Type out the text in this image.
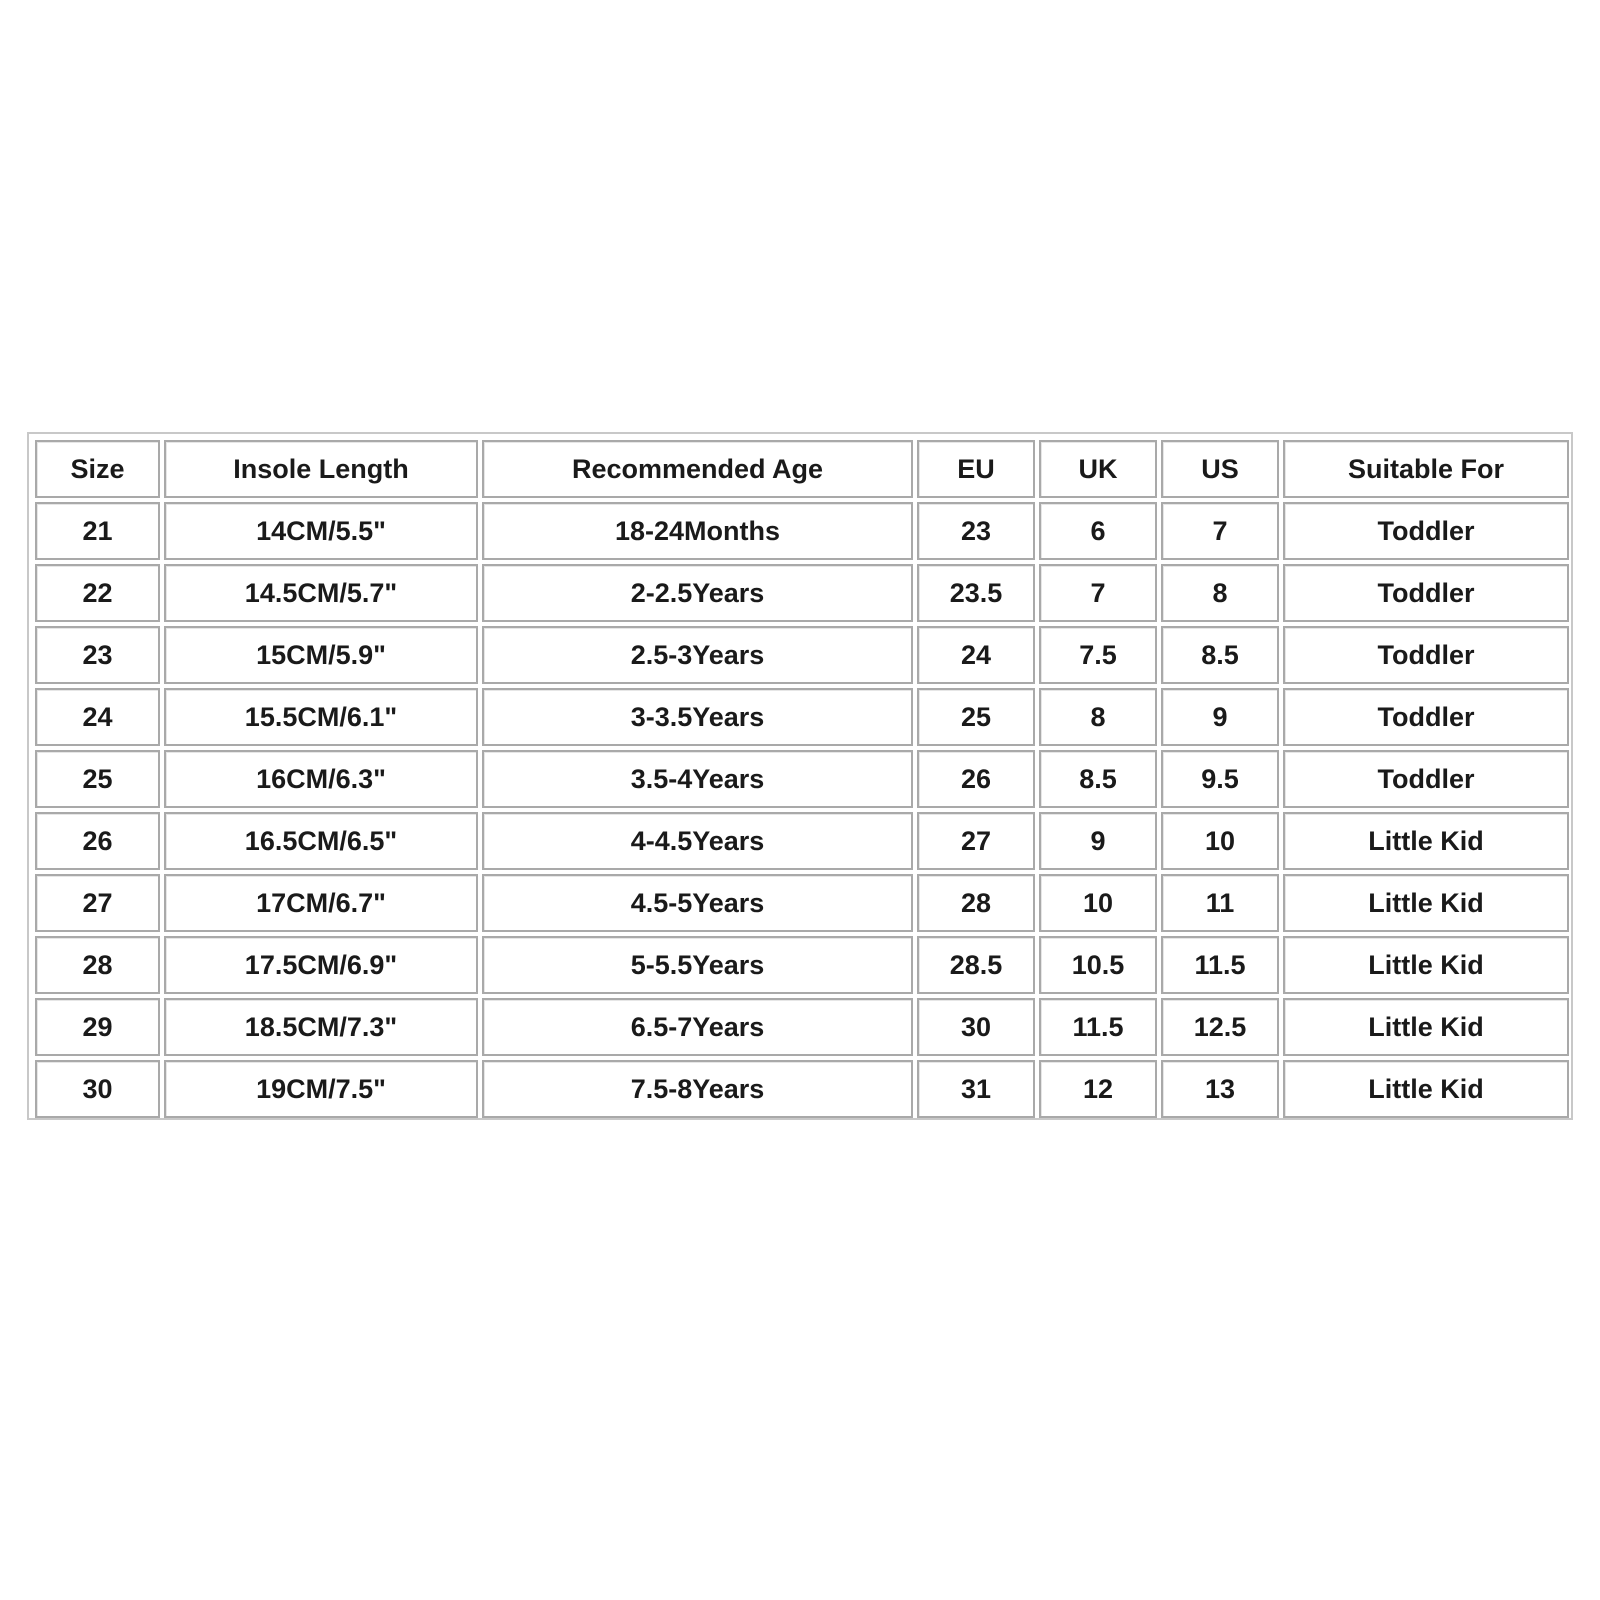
Size	Insole Length	Recommended Age	EU	UK	US	Suitable For
21	14CM/5.5"	18-24Months	23	6	7	Toddler
22	14.5CM/5.7"	2-2.5Years	23.5	7	8	Toddler
23	15CM/5.9"	2.5-3Years	24	7.5	8.5	Toddler
24	15.5CM/6.1"	3-3.5Years	25	8	9	Toddler
25	16CM/6.3"	3.5-4Years	26	8.5	9.5	Toddler
26	16.5CM/6.5"	4-4.5Years	27	9	10	Little Kid
27	17CM/6.7"	4.5-5Years	28	10	11	Little Kid
28	17.5CM/6.9"	5-5.5Years	28.5	10.5	11.5	Little Kid
29	18.5CM/7.3"	6.5-7Years	30	11.5	12.5	Little Kid
30	19CM/7.5"	7.5-8Years	31	12	13	Little Kid
